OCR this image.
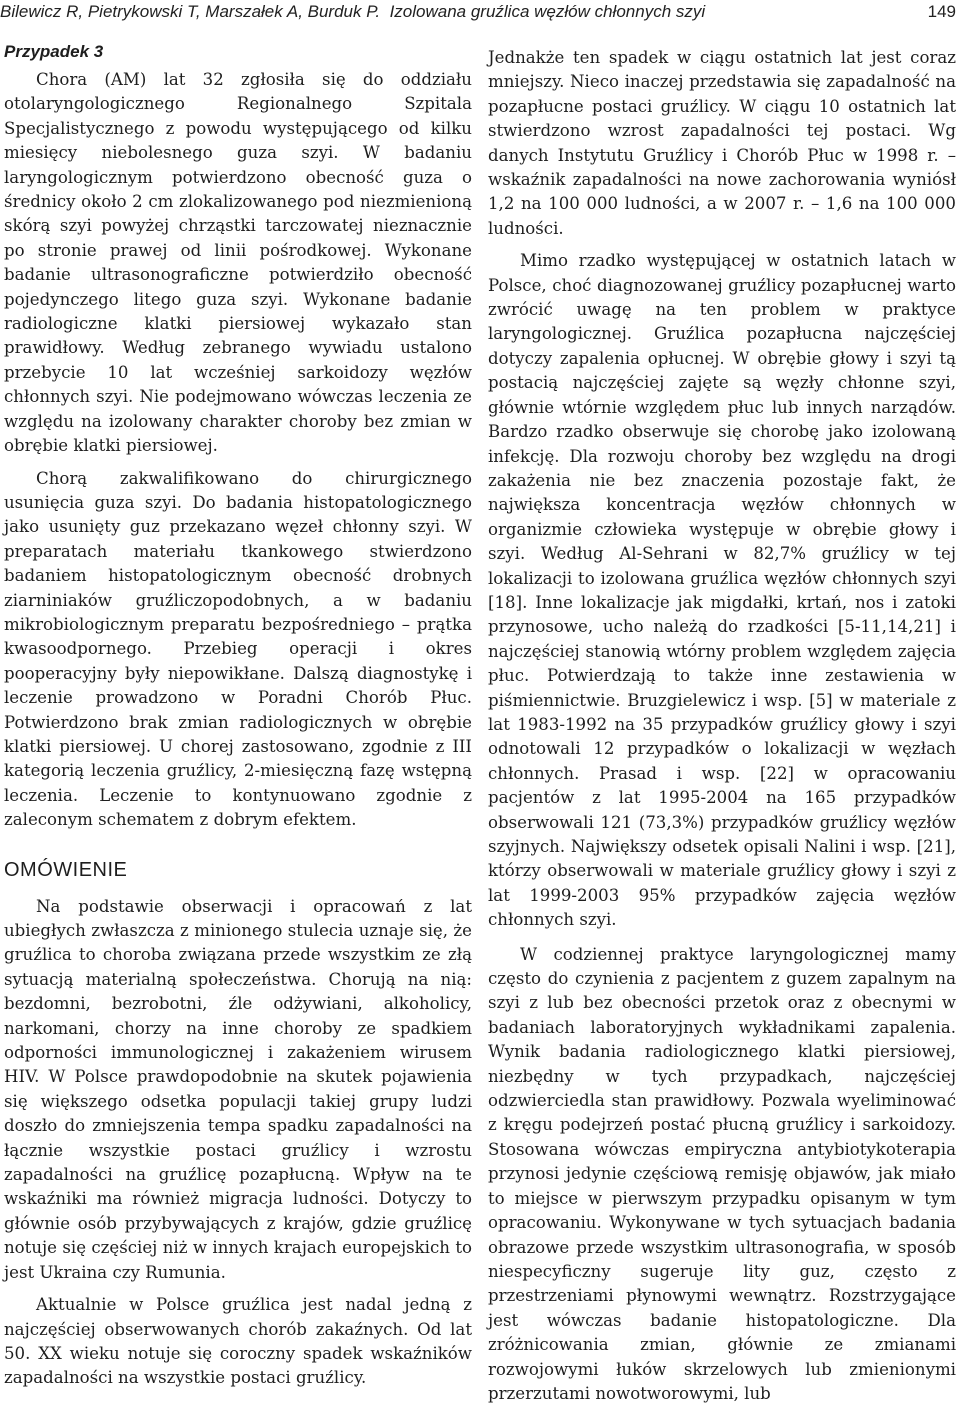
Bilewicz R, Pietrykowski T, Marszałek A, Burduk P. Izolowana gruźlica węzłów chłonnych szyi	149
Przypadek 3

Chora (AM) lat 32 zgłosiła się do oddziału otolaryngologicznego Regionalnego Szpitala Specjalistycznego z powodu występującego od kilku miesięcy niebolesnego guza szyi. W badaniu laryngologicznym potwierdzono obecność guza o średnicy około 2 cm zlokalizowanego pod niezmienioną skórą szyi powyżej chrząstki tarczowatej nieznacznie po stronie prawej od linii pośrodkowej. Wykonane badanie ultrasonograficzne potwierdziło obecność pojedynczego litego guza szyi. Wykonane badanie radiologiczne klatki piersiowej wykazało stan prawidłowy. Według zebranego wywiadu ustalono przebycie 10 lat wcześniej sarkoidozy węzłów chłonnych szyi. Nie podejmowano wówczas leczenia ze względu na izolowany charakter choroby bez zmian w obrębie klatki piersiowej.

Chorą zakwalifikowano do chirurgicznego usunięcia guza szyi. Do badania histopatologicznego jako usunięty guz przekazano węzeł chłonny szyi. W preparatach materiału tkankowego stwierdzono badaniem histopatologicznym obecność drobnych ziarniniaków gruźliczopodobnych, a w badaniu mikrobiologicznym preparatu bezpośredniego – prątka kwasoodpornego. Przebieg operacji i okres pooperacyjny były niepowikłane. Dalszą diagnostykę i leczenie prowadzono w Poradni Chorób Płuc. Potwierdzono brak zmian radiologicznych w obrębie klatki piersiowej. U chorej zastosowano, zgodnie z III kategorią leczenia gruźlicy, 2-miesięczną fazę wstępną leczenia. Leczenie to kontynuowano zgodnie z zaleconym schematem z dobrym efektem.

OMÓWIENIE

Na podstawie obserwacji i opracowań z lat ubiegłych zwłaszcza z minionego stulecia uznaje się, że gruźlica to choroba związana przede wszystkim ze złą sytuacją materialną społeczeństwa. Chorują na nią: bezdomni, bezrobotni, źle odżywiani, alkoholicy, narkomani, chorzy na inne choroby ze spadkiem odporności immunologicznej i zakażeniem wirusem HIV. W Polsce prawdopodobnie na skutek pojawienia się większego odsetka populacji takiej grupy ludzi doszło do zmniejszenia tempa spadku zapadalności na łącznie wszystkie postaci gruźlicy i wzrostu zapadalności na gruźlicę pozapłucną. Wpływ na te wskaźniki ma również migracja ludności. Dotyczy to głównie osób przybywających z krajów, gdzie gruźlicę notuje się częściej niż w innych krajach europejskich to jest Ukraina czy Rumunia.

Aktualnie w Polsce gruźlica jest nadal jedną z najczęściej obserwowanych chorób zakaźnych. Od lat 50. XX wieku notuje się coroczny spadek wskaźników zapadalności na wszystkie postaci gruźlicy.

Jednakże ten spadek w ciągu ostatnich lat jest coraz mniejszy. Nieco inaczej przedstawia się zapadalność na pozapłucne postaci gruźlicy. W ciągu 10 ostatnich lat stwierdzono wzrost zapadalności tej postaci. Wg danych Instytutu Gruźlicy i Chorób Płuc w 1998 r. – wskaźnik zapadalności na nowe zachorowania wyniósł 1,2 na 100 000 ludności, a w 2007 r. – 1,6 na 100 000 ludności.

Mimo rzadko występującej w ostatnich latach w Polsce, choć diagnozowanej gruźlicy pozapłucnej warto zwrócić uwagę na ten problem w praktyce laryngologicznej. Gruźlica pozapłucna najczęściej dotyczy zapalenia opłucnej. W obrębie głowy i szyi tą postacią najczęściej zajęte są węzły chłonne szyi, głównie wtórnie względem płuc lub innych narządów. Bardzo rzadko obserwuje się chorobę jako izolowaną infekcję. Dla rozwoju choroby bez względu na drogi zakażenia nie bez znaczenia pozostaje fakt, że największa koncentracja węzłów chłonnych w organizmie człowieka występuje w obrębie głowy i szyi. Według Al-Sehrani w 82,7% gruźlicy w tej lokalizacji to izolowana gruźlica węzłów chłonnych szyi [18]. Inne lokalizacje jak migdałki, krtań, nos i zatoki przynosowe, ucho należą do rzadkości [5-11,14,21] i najczęściej stanowią wtórny problem względem zajęcia płuc. Potwierdzają to także inne zestawienia w piśmiennictwie. Bruzgielewicz i wsp. [5] w materiale z lat 1983-1992 na 35 przypadków gruźlicy głowy i szyi odnotowali 12 przypadków o lokalizacji w węzłach chłonnych. Prasad i wsp. [22] w opracowaniu pacjentów z lat 1995-2004 na 165 przypadków obserwowali 121 (73,3%) przypadków gruźlicy węzłów szyjnych. Największy odsetek opisali Nalini i wsp. [21], którzy obserwowali w materiale gruźlicy głowy i szyi z lat 1999-2003 95% przypadków zajęcia węzłów chłonnych szyi.

W codziennej praktyce laryngologicznej mamy często do czynienia z pacjentem z guzem zapalnym na szyi z lub bez obecności przetok oraz z obecnymi w badaniach laboratoryjnych wykładnikami zapalenia. Wynik badania radiologicznego klatki piersiowej, niezbędny w tych przypadkach, najczęściej odzwierciedla stan prawidłowy. Pozwala wyeliminować z kręgu podejrzeń postać płucną gruźlicy i sarkoidozy. Stosowana wówczas empiryczna antybiotykoterapia przynosi jedynie częściową remisję objawów, jak miało to miejsce w pierwszym przypadku opisanym w tym opracowaniu. Wykonywane w tych sytuacjach badania obrazowe przede wszystkim ultrasonografia, w sposób niespecyficzny sugeruje lity guz, często z przestrzeniami płynowymi wewnątrz. Rozstrzygające jest wówczas badanie histopatologiczne. Dla zróżnicowania zmian, głównie ze zmianami rozwojowymi łuków skrzelowych lub zmienionymi przerzutami nowotworowymi, lub
